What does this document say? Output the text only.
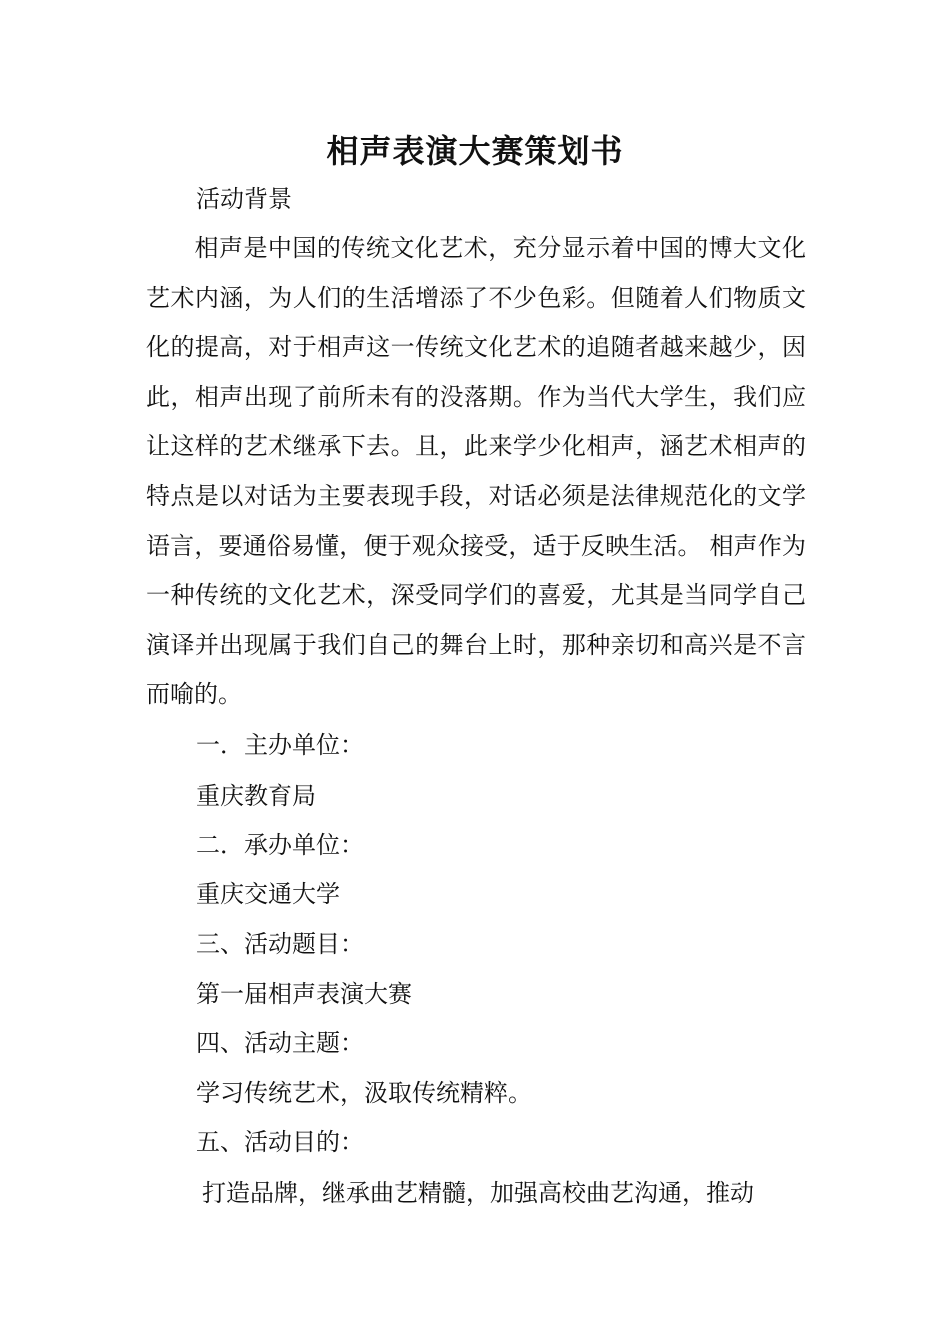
相声表演大赛策划书

活动背景

　相声是中国的传统文化艺术，充分显示着中国的博大文化艺术内涵，为人们的生活增添了不少色彩。但随着人们物质文化的提高，对于相声这一传统文化艺术的追随者越来越少，因此，相声出现了前所未有的没落期。作为当代大学生，我们应让这样的艺术继承下去。且，此来学少化相声，涵艺术相声的特点是以对话为主要表现手段，对话必须是法律规范化的文学语言，要通俗易懂，便于观众接受，适于反映生活。 相声作为一种传统的文化艺术，深受同学们的喜爱，尤其是当同学自己演译并出现属于我们自己的舞台上时，那种亲切和高兴是不言而喻的。

一．主办单位：

重庆教育局

二．承办单位：

重庆交通大学

三、活动题目：

第一届相声表演大赛

四、活动主题：

学习传统艺术，汲取传统精粹。

五、活动目的：

打造品牌，继承曲艺精髓，加强高校曲艺沟通，推动
